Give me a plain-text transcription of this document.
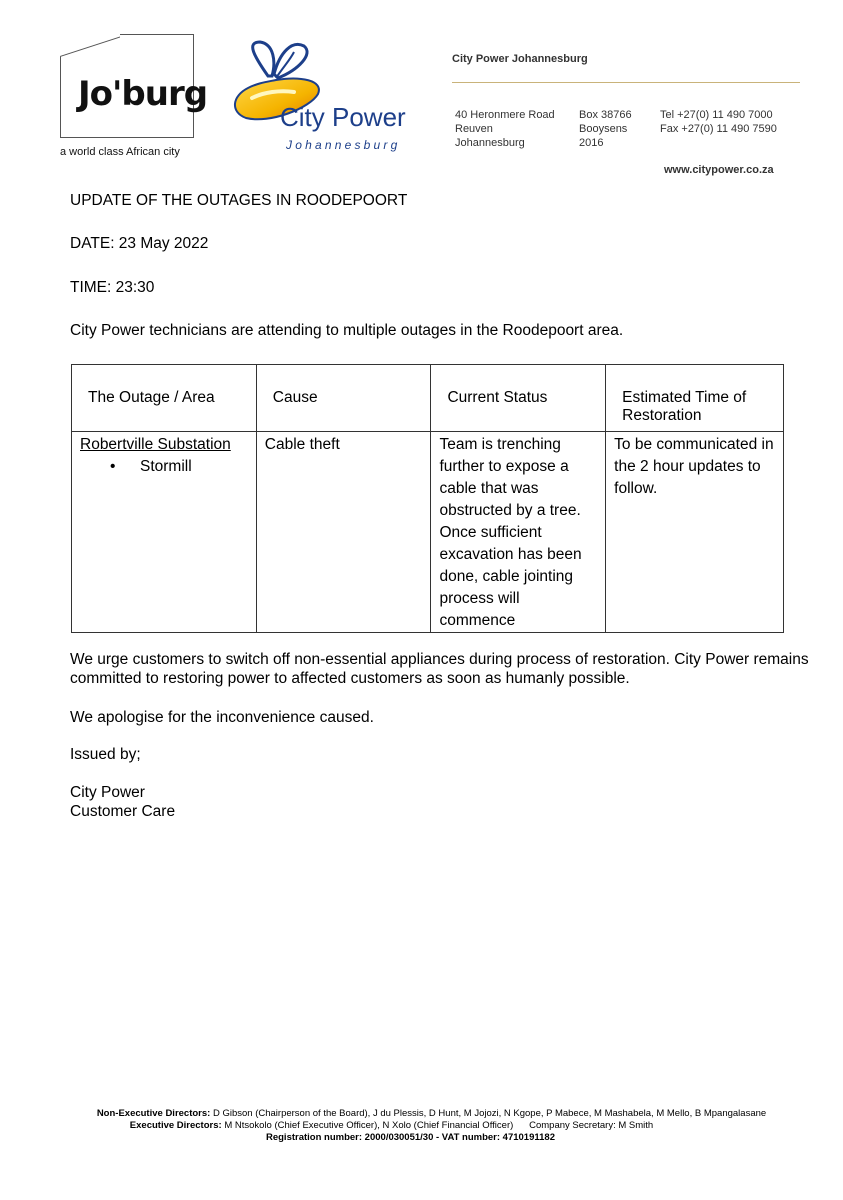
Jo'burg
a world class African city
City Power
Johannesburg
City Power Johannesburg
40 Heronmere Road
Reuven
Johannesburg
Box 38766
Booysens
2016
Tel +27(0) 11 490 7000
Fax +27(0) 11 490 7590
www.citypower.co.za
UPDATE OF THE OUTAGES IN ROODEPOORT
DATE: 23 May 2022
TIME: 23:30
City Power technicians are attending to multiple outages in the Roodepoort area.
The Outage / Area	Cause	Current Status	Estimated Time of Restoration

Robertville Substation
• Stormill	Cable theft	Team is trenching further to expose a cable that was obstructed by a tree. Once sufficient excavation has been done, cable jointing process will commence	To be communicated in the 2 hour updates to follow.
We urge customers to switch off non-essential appliances during process of restoration. City Power remains committed to restoring power to affected customers as soon as humanly possible.
We apologise for the inconvenience caused.
Issued by;
City Power
Customer Care
Non-Executive Directors: D Gibson (Chairperson of the Board), J du Plessis, D Hunt, M Jojozi, N Kgope, P Mabece, M Mashabela, M Mello, B Mpangalasane
Executive Directors: M Ntsokolo (Chief Executive Officer), N Xolo (Chief Financial Officer) Company Secretary: M Smith
Registration number: 2000/030051/30 - VAT number: 4710191182
